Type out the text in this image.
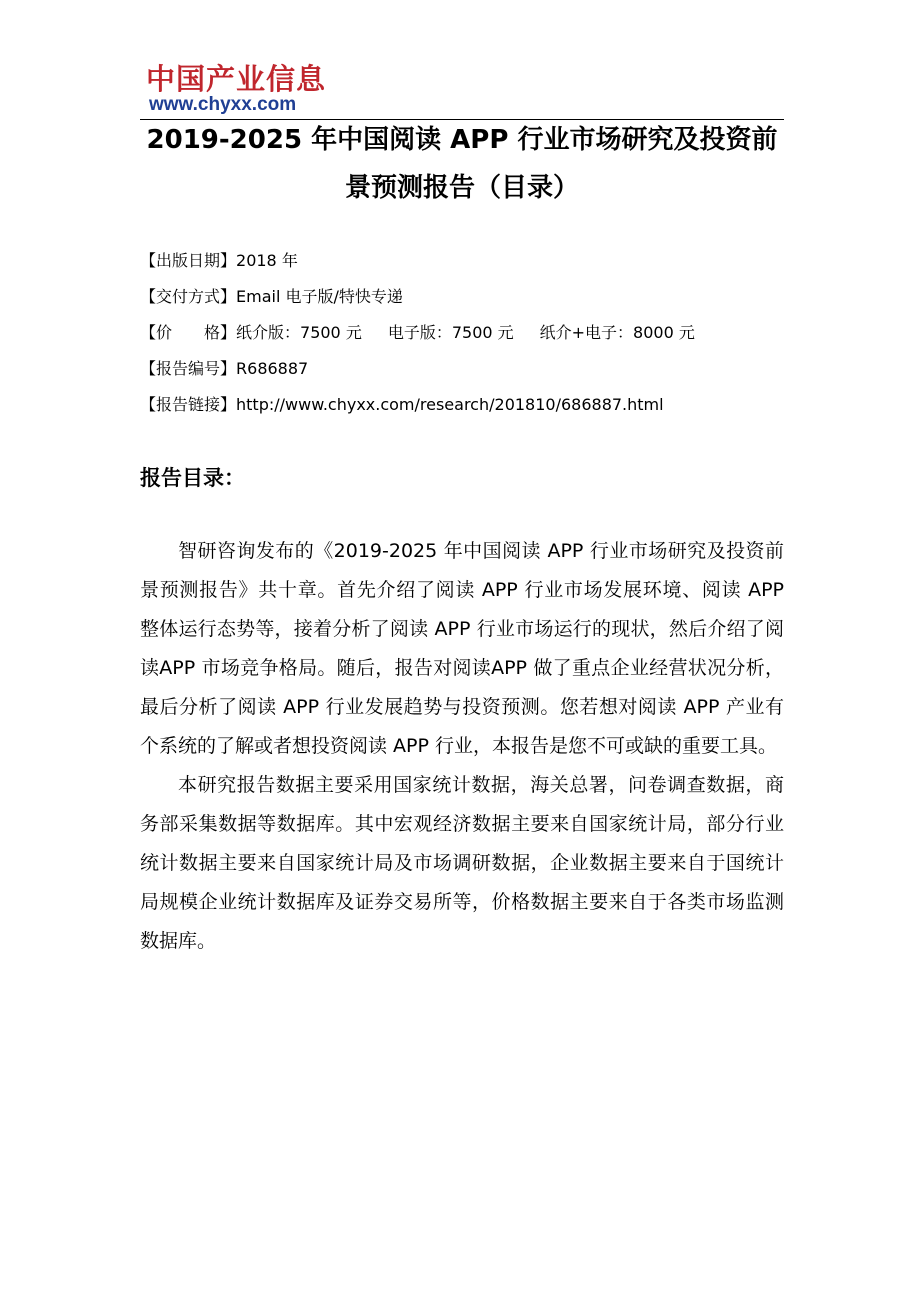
中国产业信息
www.chyxx.com
2019-2025 年中国阅读 APP 行业市场研究及投资前
景预测报告（目录）
【出版日期】2018 年
【交付方式】Email 电子版/特快专递
【价　　格】纸介版：7500 元 电子版：7500 元 纸介+电子：8000 元
【报告编号】R686887
【报告链接】http://www.chyxx.com/research/201810/686887.html
报告目录：

智研咨询发布的《2019-2025 年中国阅读 APP 行业市场研究及投资前景预测报告》共十章。首先介绍了阅读 APP 行业市场发展环境、阅读 APP 整体运行态势等，接着分析了阅读 APP 行业市场运行的现状，然后介绍了阅读APP 市场竞争格局。随后，报告对阅读APP 做了重点企业经营状况分析，最后分析了阅读 APP 行业发展趋势与投资预测。您若想对阅读 APP 产业有个系统的了解或者想投资阅读 APP 行业，本报告是您不可或缺的重要工具。

本研究报告数据主要采用国家统计数据，海关总署，问卷调查数据，商务部采集数据等数据库。其中宏观经济数据主要来自国家统计局，部分行业统计数据主要来自国家统计局及市场调研数据，企业数据主要来自于国统计局规模企业统计数据库及证券交易所等，价格数据主要来自于各类市场监测数据库。
